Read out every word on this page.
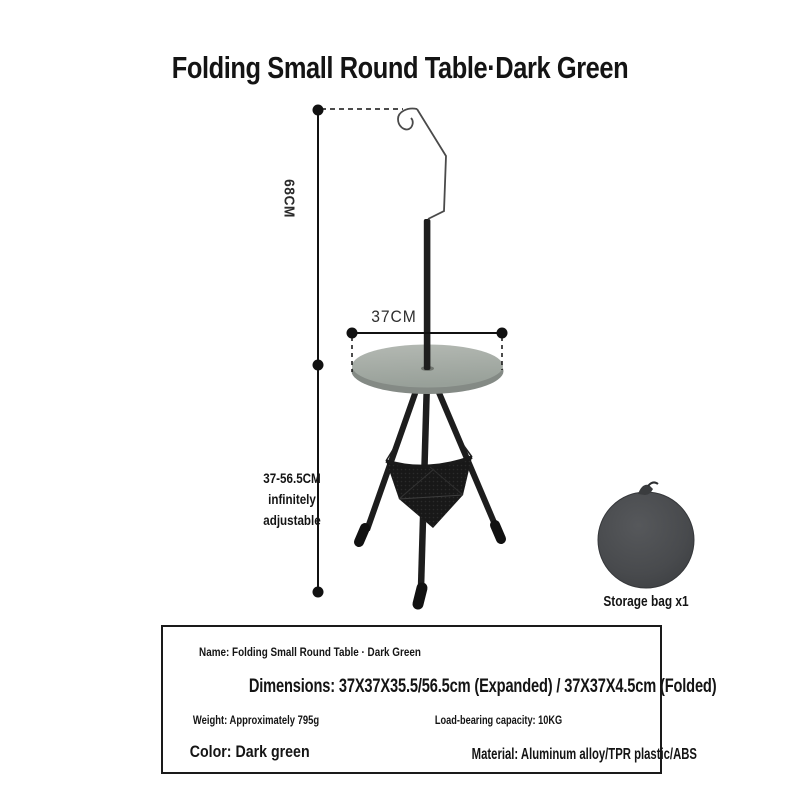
Folding Small Round Table·Dark Green
68CM
37CM
37-56.5CM
infinitely
adjustable
Storage bag x1
Name: Folding Small Round Table · Dark Green
Dimensions: 37X37X35.5/56.5cm (Expanded) / 37X37X4.5cm (Folded)
Weight: Approximately 795g	Load-bearing capacity: 10KG
Color: Dark green	Material: Aluminum alloy/TPR plastic/ABS
